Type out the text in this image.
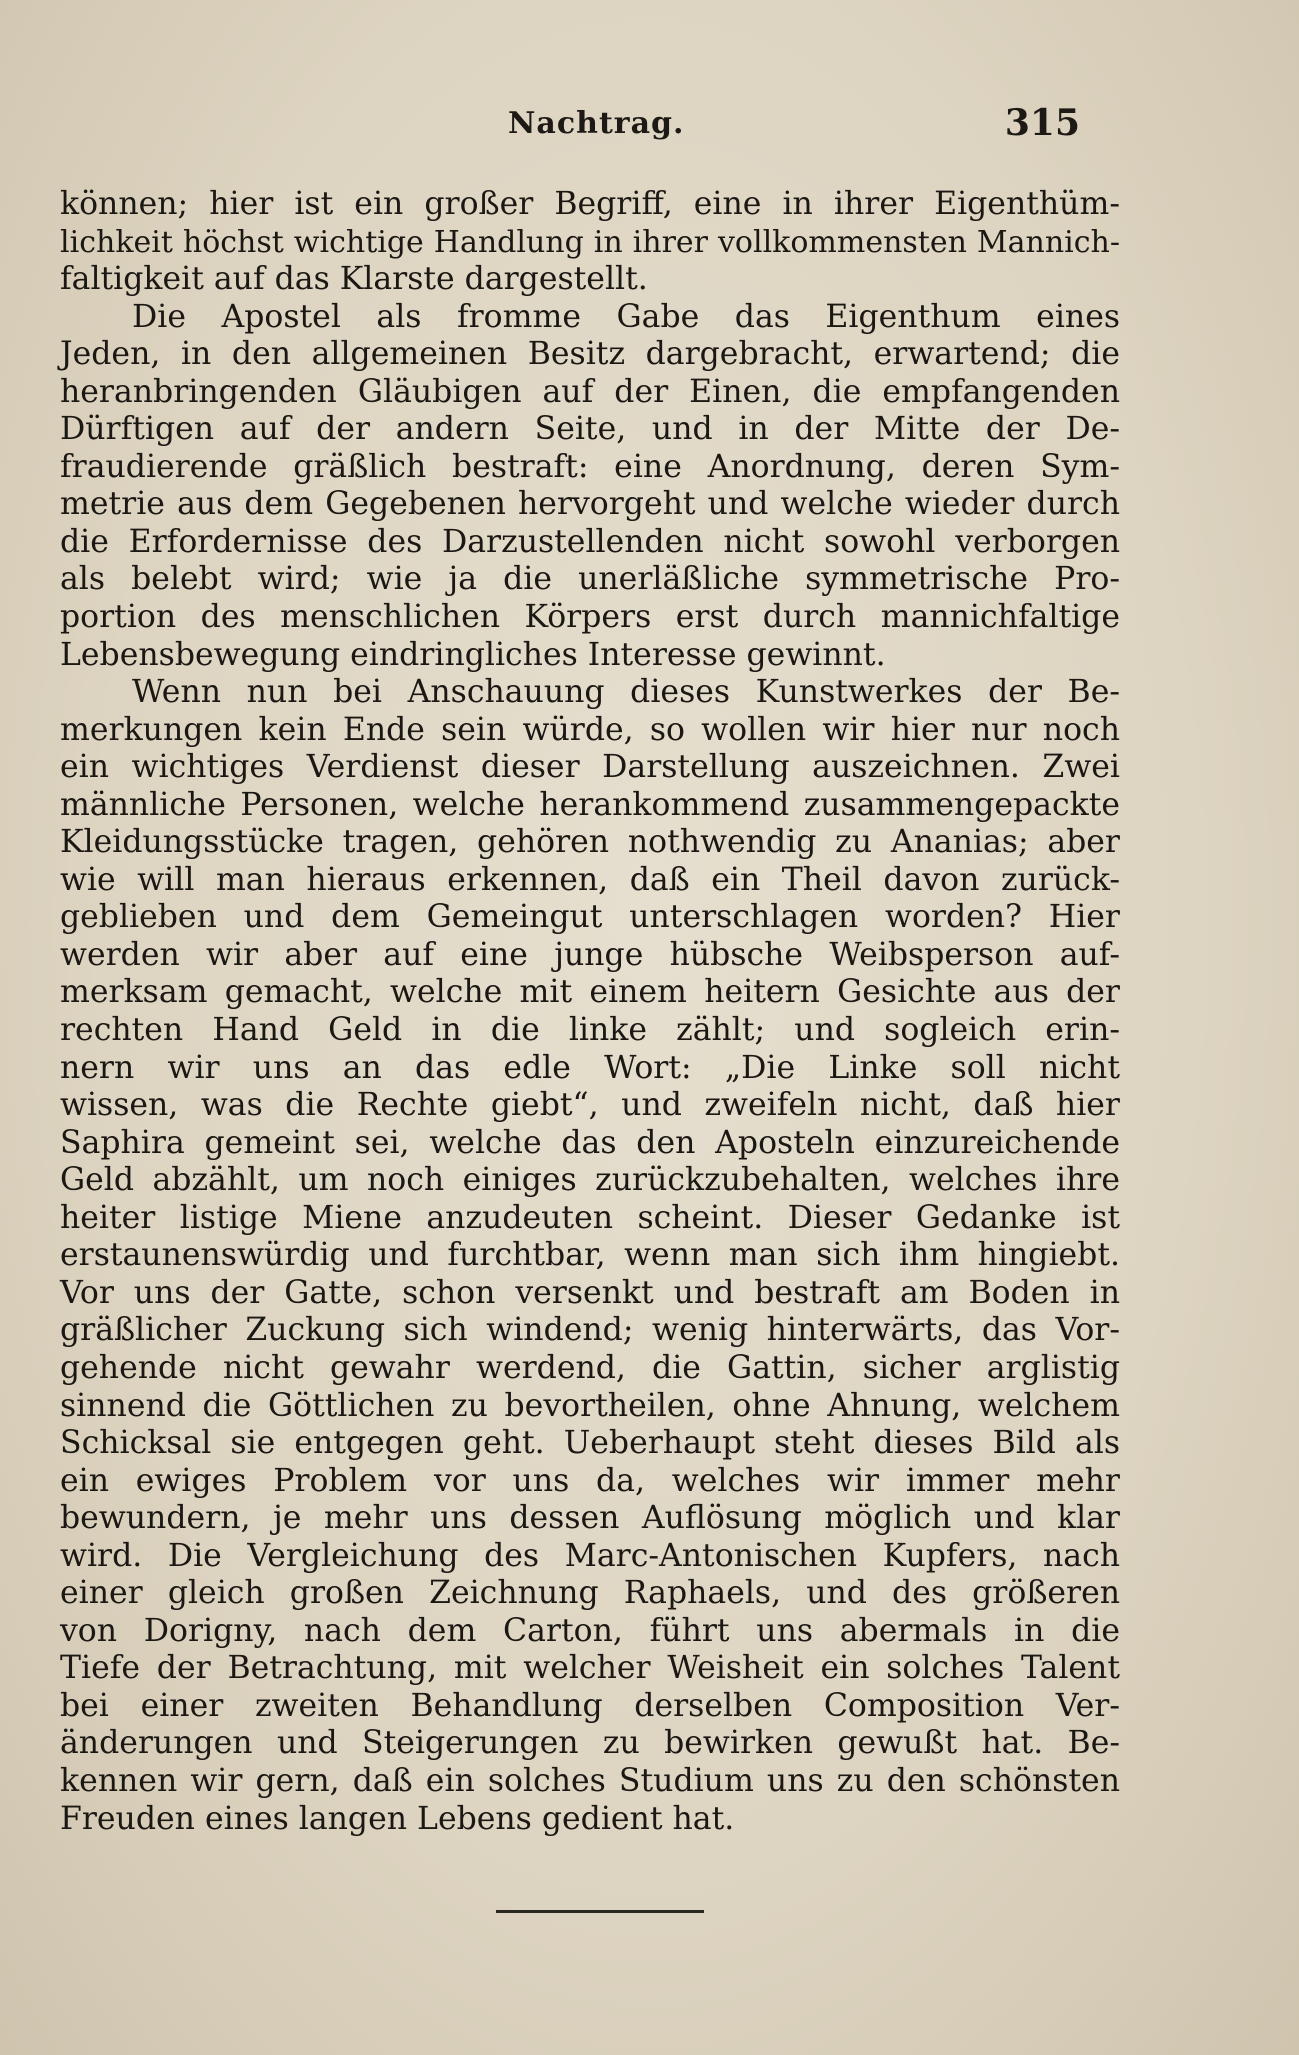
Nachtrag.	315
können; hier ist ein großer Begriff, eine in ihrer Eigenthüm-
lichkeit höchst wichtige Handlung in ihrer vollkommensten Mannich-
faltigkeit auf das Klarste dargestellt.
Die Apostel als fromme Gabe das Eigenthum eines
Jeden, in den allgemeinen Besitz dargebracht, erwartend; die
heranbringenden Gläubigen auf der Einen, die empfangenden
Dürftigen auf der andern Seite, und in der Mitte der De-
fraudierende gräßlich bestraft: eine Anordnung, deren Sym-
metrie aus dem Gegebenen hervorgeht und welche wieder durch
die Erfordernisse des Darzustellenden nicht sowohl verborgen
als belebt wird; wie ja die unerläßliche symmetrische Pro-
portion des menschlichen Körpers erst durch mannichfaltige
Lebensbewegung eindringliches Interesse gewinnt.
Wenn nun bei Anschauung dieses Kunstwerkes der Be-
merkungen kein Ende sein würde, so wollen wir hier nur noch
ein wichtiges Verdienst dieser Darstellung auszeichnen. Zwei
männliche Personen, welche herankommend zusammengepackte
Kleidungsstücke tragen, gehören nothwendig zu Ananias; aber
wie will man hieraus erkennen, daß ein Theil davon zurück-
geblieben und dem Gemeingut unterschlagen worden? Hier
werden wir aber auf eine junge hübsche Weibsperson auf-
merksam gemacht, welche mit einem heitern Gesichte aus der
rechten Hand Geld in die linke zählt; und sogleich erin-
nern wir uns an das edle Wort: „Die Linke soll nicht
wissen, was die Rechte giebt“, und zweifeln nicht, daß hier
Saphira gemeint sei, welche das den Aposteln einzureichende
Geld abzählt, um noch einiges zurückzubehalten, welches ihre
heiter listige Miene anzudeuten scheint. Dieser Gedanke ist
erstaunenswürdig und furchtbar, wenn man sich ihm hingiebt.
Vor uns der Gatte, schon versenkt und bestraft am Boden in
gräßlicher Zuckung sich windend; wenig hinterwärts, das Vor-
gehende nicht gewahr werdend, die Gattin, sicher arglistig
sinnend die Göttlichen zu bevortheilen, ohne Ahnung, welchem
Schicksal sie entgegen geht. Ueberhaupt steht dieses Bild als
ein ewiges Problem vor uns da, welches wir immer mehr
bewundern, je mehr uns dessen Auflösung möglich und klar
wird. Die Vergleichung des Marc-Antonischen Kupfers, nach
einer gleich großen Zeichnung Raphaels, und des größeren
von Dorigny, nach dem Carton, führt uns abermals in die
Tiefe der Betrachtung, mit welcher Weisheit ein solches Talent
bei einer zweiten Behandlung derselben Composition Ver-
änderungen und Steigerungen zu bewirken gewußt hat. Be-
kennen wir gern, daß ein solches Studium uns zu den schönsten
Freuden eines langen Lebens gedient hat.
